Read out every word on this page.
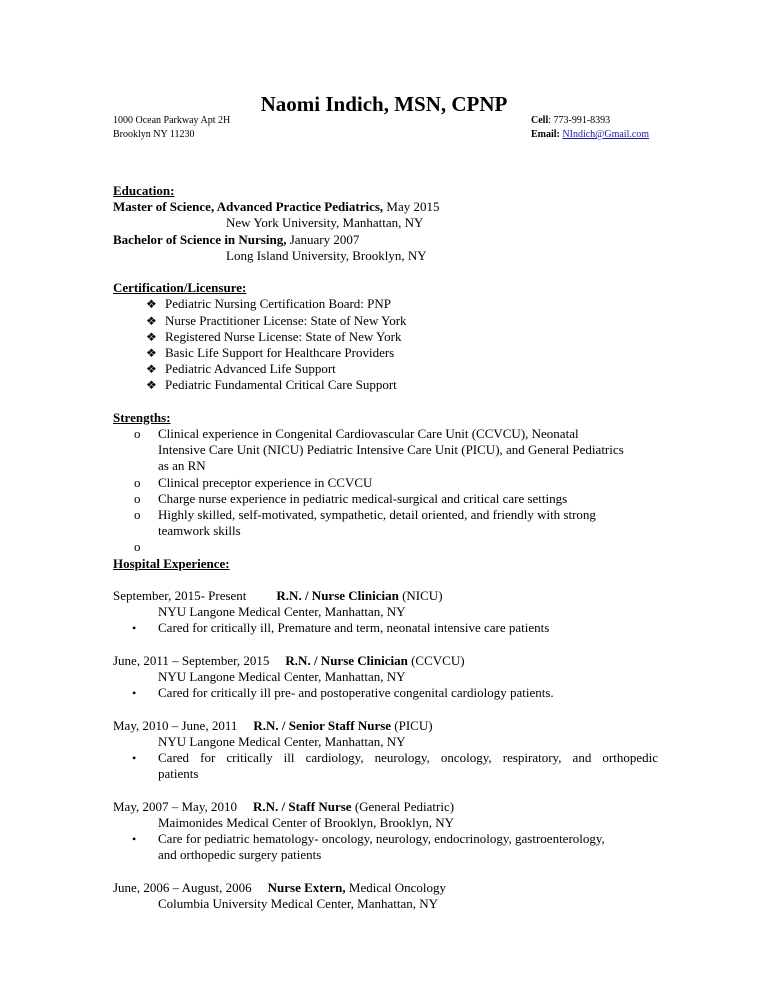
Naomi Indich, MSN, CPNP
1000 Ocean Parkway Apt 2H
Brooklyn NY 11230
Cell: 773-991-8393
Email: NIndich@Gmail.com
Education:
Master of Science, Advanced Practice Pediatrics, May 2015
New York University, Manhattan, NY
Bachelor of Science in Nursing, January 2007
Long Island University, Brooklyn, NY
Certification/Licensure:
❖ Pediatric Nursing Certification Board: PNP
❖ Nurse Practitioner License: State of New York
❖ Registered Nurse License: State of New York
❖ Basic Life Support for Healthcare Providers
❖ Pediatric Advanced Life Support
❖ Pediatric Fundamental Critical Care Support
Strengths:
o Clinical experience in Congenital Cardiovascular Care Unit (CCVCU), Neonatal
Intensive Care Unit (NICU) Pediatric Intensive Care Unit (PICU), and General Pediatrics
as an RN
o Clinical preceptor experience in CCVCU
o Charge nurse experience in pediatric medical-surgical and critical care settings
o Highly skilled, self-motivated, sympathetic, detail oriented, and friendly with strong
teamwork skills
o
Hospital Experience:
September, 2015- Present R.N. / Nurse Clinician (NICU)
NYU Langone Medical Center, Manhattan, NY
• Cared for critically ill, Premature and term, neonatal intensive care patients
June, 2011 – September, 2015 R.N. / Nurse Clinician (CCVCU)
NYU Langone Medical Center, Manhattan, NY
• Cared for critically ill pre- and postoperative congenital cardiology patients.
May, 2010 – June, 2011 R.N. / Senior Staff Nurse (PICU)
NYU Langone Medical Center, Manhattan, NY
• Cared  for  critically  ill  cardiology,  neurology,  oncology,  respiratory,  and  orthopedic
patients
May, 2007 – May, 2010 R.N. / Staff Nurse (General Pediatric)
Maimonides Medical Center of Brooklyn, Brooklyn, NY
• Care for pediatric hematology- oncology, neurology, endocrinology, gastroenterology,
and orthopedic surgery patients
June, 2006 – August, 2006 Nurse Extern, Medical Oncology
Columbia University Medical Center, Manhattan, NY
